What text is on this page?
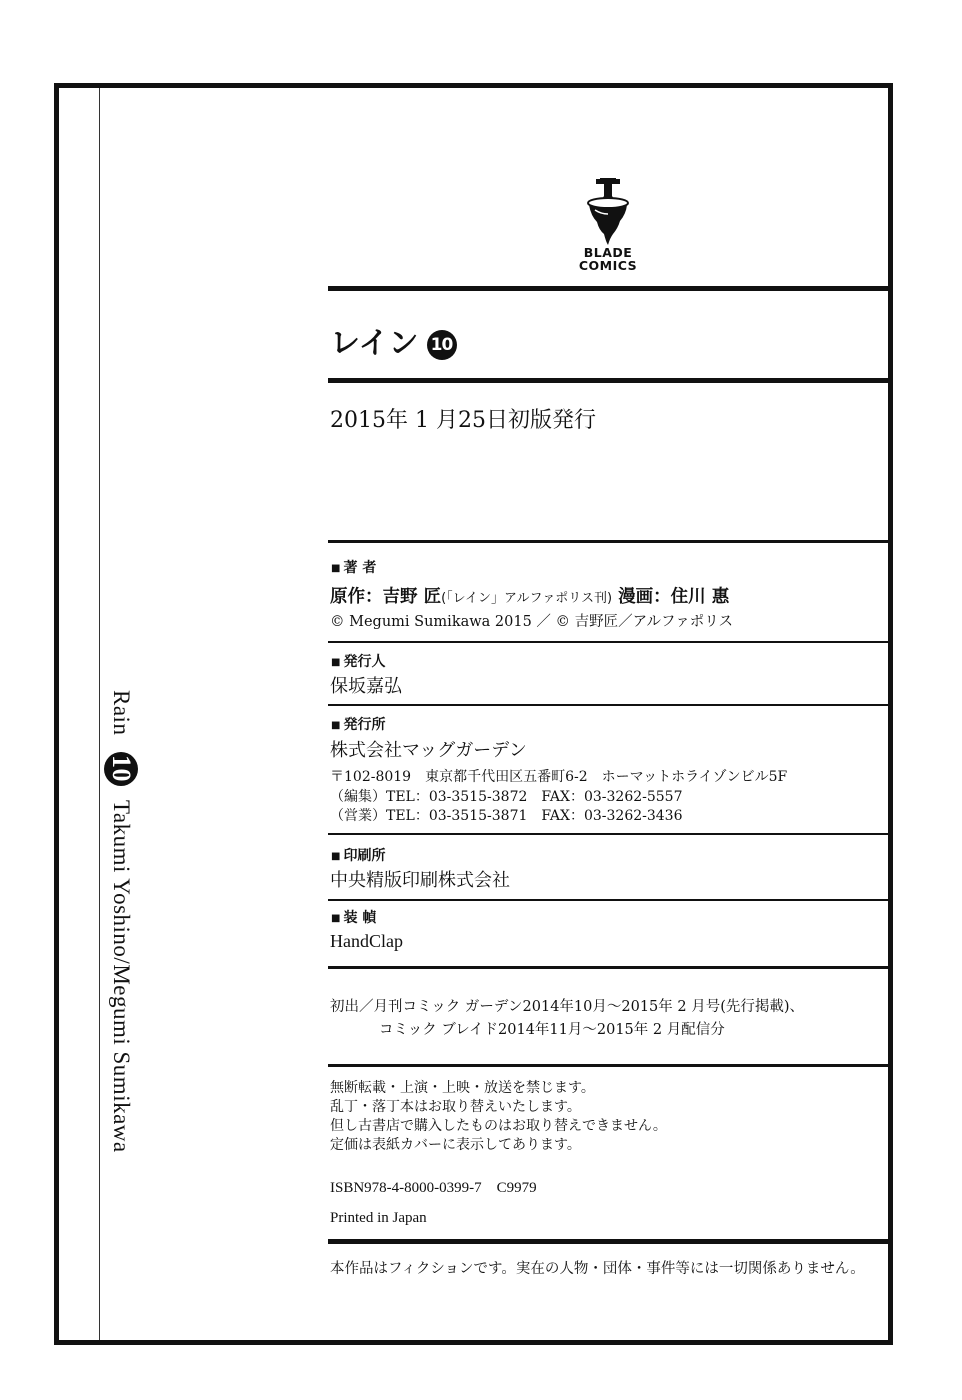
Rain 10 Takumi Yoshino/Megumi Sumikawa
BLADE
COMICS
レイン 10
2015年 1 月25日初版発行
■ 著 者
原作：吉野 匠(「レイン」アルファポリス刊) 漫画：住川 惠
© Megumi Sumikawa 2015 ／ © 吉野匠／アルファポリス
■ 発行人
保坂嘉弘
■ 発行所
株式会社マッグガーデン
〒102-8019　東京都千代田区五番町6-2　ホーマットホライゾンビル5F
（編集）TEL：03-3515-3872　FAX：03-3262-5557
（営業）TEL：03-3515-3871　FAX：03-3262-3436
■ 印刷所
中央精版印刷株式会社
■ 装 幀
HandClap
初出／月刊コミック ガーデン2014年10月～2015年 2 月号(先行掲載)、
コミック ブレイド2014年11月～2015年 2 月配信分
無断転載・上演・上映・放送を禁じます。
乱丁・落丁本はお取り替えいたします。
但し古書店で購入したものはお取り替えできません。
定価は表紙カバーに表示してあります。
ISBN978-4-8000-0399-7　C9979
Printed in Japan
本作品はフィクションです。実在の人物・団体・事件等には一切関係ありません。
